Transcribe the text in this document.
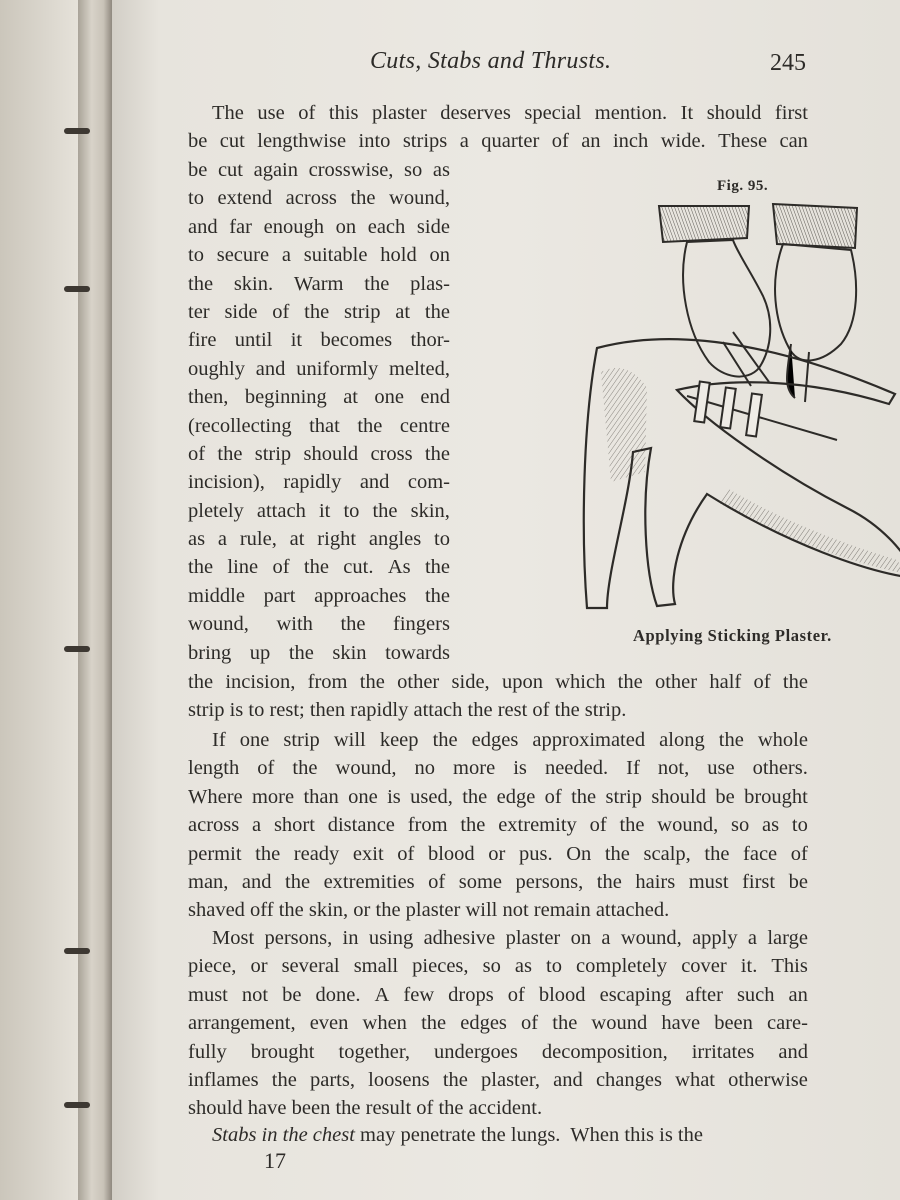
Cuts, Stabs and Thrusts.	245
The use of this plaster deserves special mention. It should first
be cut lengthwise into strips a quarter of an inch wide. These can
be cut again crosswise, so as
to extend across the wound,
and far enough on each side
to secure a suitable hold on
the skin. Warm the plas-
ter side of the strip at the
fire until it becomes thor-
oughly and uniformly melted,
then, beginning at one end
(recollecting that the centre
of the strip should cross the
incision), rapidly and com-
pletely attach it to the skin,
as a rule, at right angles to
the line of the cut. As the
middle part approaches the
wound, with the fingers
bring up the skin towards
Fig. 95.
Applying Sticking Plaster.
the incision, from the other side, upon which the other half of the
strip is to rest; then rapidly attach the rest of the strip.
If one strip will keep the edges approximated along the whole
length of the wound, no more is needed. If not, use others.
Where more than one is used, the edge of the strip should be brought
across a short distance from the extremity of the wound, so as to
permit the ready exit of blood or pus. On the scalp, the face of
man, and the extremities of some persons, the hairs must first be
shaved off the skin, or the plaster will not remain attached.
Most persons, in using adhesive plaster on a wound, apply a large
piece, or several small pieces, so as to completely cover it. This
must not be done. A few drops of blood escaping after such an
arrangement, even when the edges of the wound have been care-
fully brought together, undergoes decomposition, irritates and
inflames the parts, loosens the plaster, and changes what otherwise
should have been the result of the accident.
Stabs in the chest may penetrate the lungs.  When this is the
17
